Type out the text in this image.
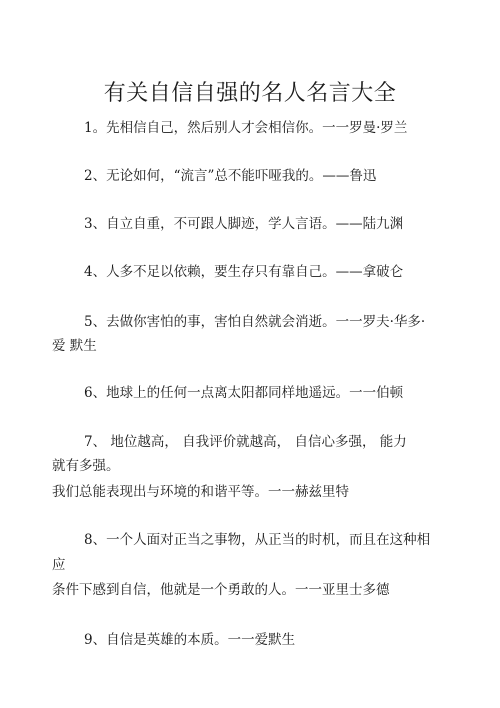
有关自信自强的名人名言大全

1。先相信自己，然后别人才会相信你。一一罗曼·罗兰

2、无论如何，“流言”总不能吓哑我的。——鲁迅

3、自立自重，不可跟人脚迹，学人言语。——陆九渊

4、人多不足以依赖，要生存只有靠自己。——拿破仑

5、去做你害怕的事，害怕自然就会消逝。一一罗夫·华多·

爱 默生

6、地球上的任何一点离太阳都同样地遥远。一一伯顿

7、 地位越高， 自我评价就越高， 自信心多强， 能力

就有多强。

我们总能表现出与环境的和谐平等。一一赫兹里特

8、一个人面对正当之事物，从正当的时机，而且在这种相

应

条件下感到自信，他就是一个勇敢的人。一一亚里士多德

9、自信是英雄的本质。一一爱默生
